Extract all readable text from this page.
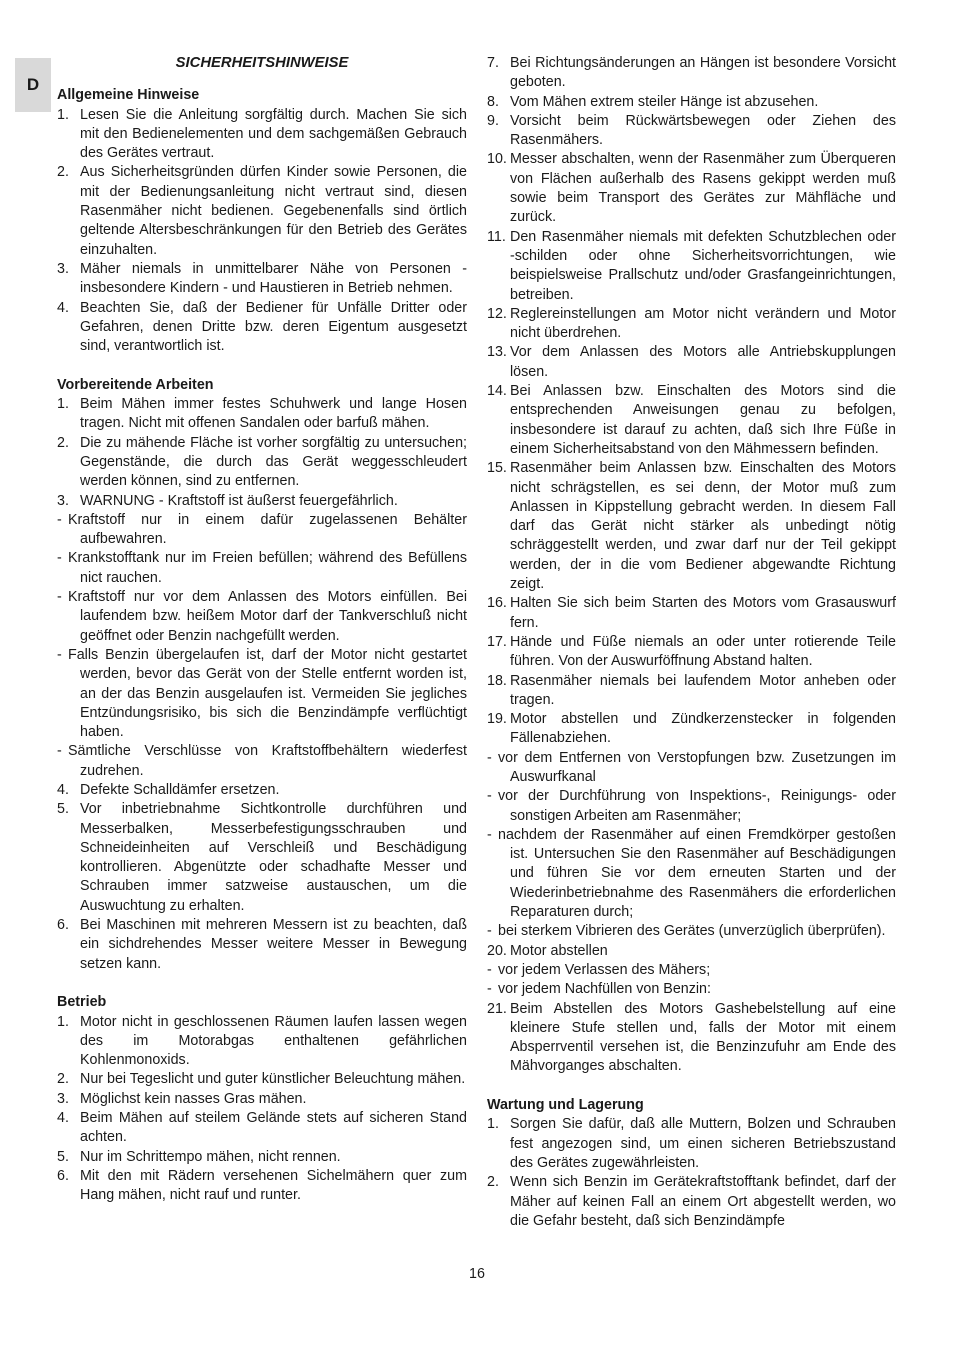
D
SICHERHEITSHINWEISE
Allgemeine Hinweise
1. Lesen Sie die Anleitung sorgfältig durch. Machen Sie sich mit den Bedienelementen und dem sachgemäßen Gebrauch des Gerätes vertraut.
2. Aus Sicherheitsgründen dürfen Kinder sowie Personen, die mit der Bedienungsanleitung nicht vertraut sind, diesen Rasenmäher nicht bedienen. Gegebenenfalls sind örtlich geltende Altersbeschränkungen für den Betrieb des Gerätes einzuhalten.
3. Mäher niemals in unmittelbarer Nähe von Personen - insbesondere Kindern - und Haustieren in Betrieb nehmen.
4. Beachten Sie, daß der Bediener für Unfälle Dritter oder Gefahren, denen Dritte bzw. deren Eigentum ausgesetzt sind, verantwortlich ist.
Vorbereitende Arbeiten
1. Beim Mähen immer festes Schuhwerk und lange Hosen tragen. Nicht mit offenen Sandalen oder barfuß mähen.
2. Die zu mähende Fläche ist vorher sorgfältig zu untersuchen; Gegenstände, die durch das Gerät weggesschleudert werden können, sind zu entfernen.
3. WARNUNG - Kraftstoff ist äußerst feuergefährlich.
- Kraftstoff nur in einem dafür zugelassenen Behälter aufbewahren.
- Krankstofftank nur im Freien befüllen; während des Befüllens nict rauchen.
- Kraftstoff nur vor dem Anlassen des Motors einfüllen. Bei laufendem bzw. heißem Motor darf der Tankverschluß nicht geöffnet oder Benzin nachgefüllt werden.
- Falls Benzin übergelaufen ist, darf der Motor nicht gestartet werden, bevor das Gerät von der Stelle entfernt worden ist, an der das Benzin ausgelaufen ist. Vermeiden Sie jegliches Entzündungsrisiko, bis sich die Benzindämpfe verflüchtigt haben.
- Sämtliche Verschlüsse von Kraftstoffbehältern wiederfest zudrehen.
4. Defekte Schalldämfer ersetzen.
5. Vor inbetriebnahme Sichtkontrolle durchführen und Messerbalken, Messerbefestigungsschrauben und Schneideinheiten auf Verschleiß und Beschädigung kontrollieren. Abgenützte oder schadhafte Messer und Schrauben immer satzweise austauschen, um die Auswuchtung zu erhalten.
6. Bei Maschinen mit mehreren Messern ist zu beachten, daß ein sichdrehendes Messer weitere Messer in Bewegung setzen kann.
Betrieb
1. Motor nicht in geschlossenen Räumen laufen lassen wegen des im Motorabgas enthaltenen gefährlichen Kohlenmonoxids.
2. Nur bei Tegeslicht und guter künstlicher Beleuchtung mähen.
3. Möglichst kein nasses Gras mähen.
4. Beim Mähen auf steilem Gelände stets auf sicheren Stand achten.
5. Nur im Schrittempo mähen, nicht rennen.
6. Mit den mit Rädern versehenen Sichelmähern quer zum Hang mähen, nicht rauf und runter.
7. Bei Richtungsänderungen an Hängen ist besondere Vorsicht geboten.
8. Vom Mähen extrem steiler Hänge ist abzusehen.
9. Vorsicht beim Rückwärtsbewegen oder Ziehen des Rasenmähers.
10. Messer abschalten, wenn der Rasenmäher zum Überqueren von Flächen außerhalb des Rasens gekippt werden muß sowie beim Transport des Gerätes zur Mähfläche und zurück.
11. Den Rasenmäher niemals mit defekten Schutzblechen oder -schilden oder ohne Sicherheitsvorrichtungen, wie beispielsweise Prallschutz und/oder Grasfangeinrichtungen, betreiben.
12. Reglereinstellungen am Motor nicht verändern und Motor nicht überdrehen.
13. Vor dem Anlassen des Motors alle Antriebskupplungen lösen.
14. Bei Anlassen bzw. Einschalten des Motors sind die entsprechenden Anweisungen genau zu befolgen, insbesondere ist darauf zu achten, daß sich Ihre Füße in einem Sicherheitsabstand von den Mähmessern befinden.
15. Rasenmäher beim Anlassen bzw. Einschalten des Motors nicht schrägstellen, es sei denn, der Motor muß zum Anlassen in Kippstellung gebracht werden. In diesem Fall darf das Gerät nicht stärker als unbedingt nötig schräggestellt werden, und zwar darf nur der Teil gekippt werden, der in die vom Bediener abgewandte Richtung zeigt.
16. Halten Sie sich beim Starten des Motors vom Grasauswurf fern.
17. Hände und Füße niemals an oder unter rotierende Teile führen. Von der Auswurföffnung Abstand halten.
18. Rasenmäher niemals bei laufendem Motor anheben oder tragen.
19. Motor abstellen und Zündkerzenstecker in folgenden Fällenabziehen.
- vor dem Entfernen von Verstopfungen bzw. Zusetzungen im Auswurfkanal
- vor der Durchführung von Inspektions-, Reinigungs- oder sonstigen Arbeiten am Rasenmäher;
- nachdem der Rasenmäher auf einen Fremdkörper gestoßen ist. Untersuchen Sie den Rasenmäher auf Beschädigungen und führen Sie vor dem erneuten Starten und der Wiederinbetriebnahme des Rasenmähers die erforderlichen Reparaturen durch;
- bei sterkem Vibrieren des Gerätes (unverzüglich überprüfen).
20. Motor abstellen
- vor jedem Verlassen des Mähers;
- vor jedem Nachfüllen von Benzin:
21. Beim Abstellen des Motors Gashebelstellung auf eine kleinere Stufe stellen und, falls der Motor mit einem Absperrventil versehen ist, die Benzinzufuhr am Ende des Mähvorganges abschalten.
Wartung und Lagerung
1. Sorgen Sie dafür, daß alle Muttern, Bolzen und Schrauben fest angezogen sind, um einen sicheren Betriebszustand des Gerätes zugewährleisten.
2. Wenn sich Benzin im Gerätekraftstofftank befindet, darf der Mäher auf keinen Fall an einem Ort abgestellt werden, wo die Gefahr besteht, daß sich Benzindämpfe
16
